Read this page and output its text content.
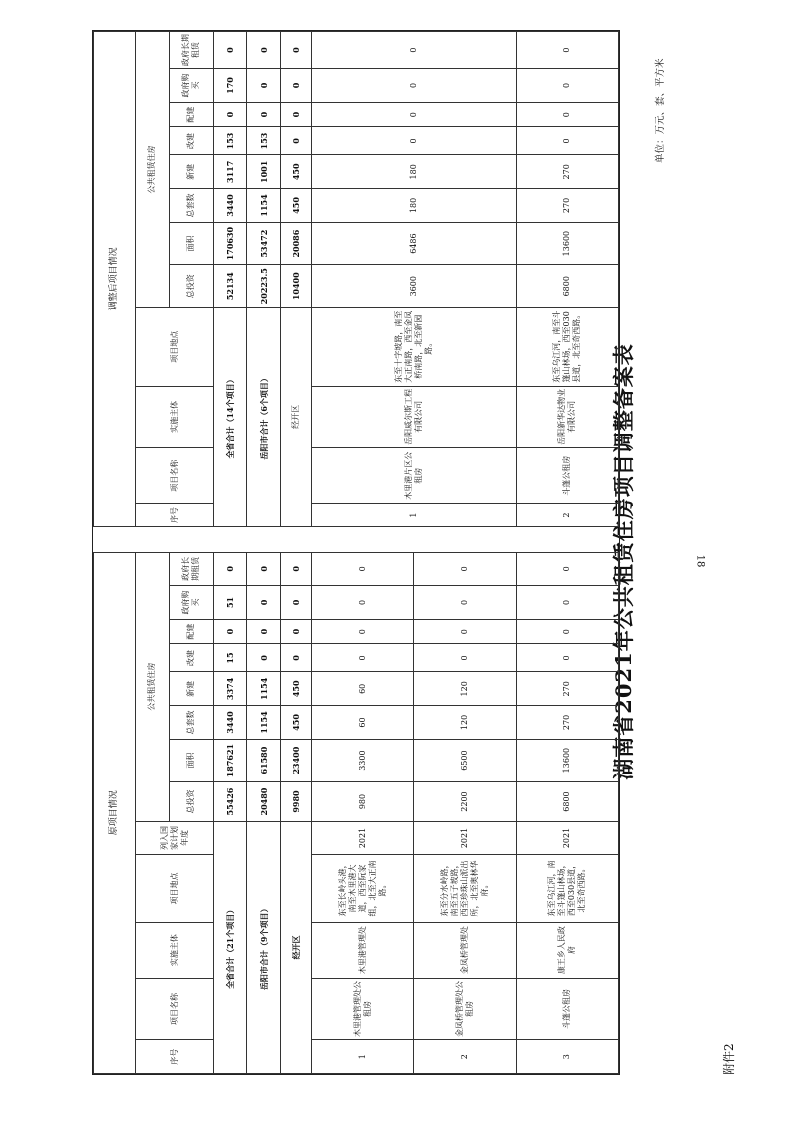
18
附件2
湖南省2021年公共租赁住房项目调整备案表
单位：万元、套、平方米
原项目情况														调整后项目情况											
序号	项目名称	实施主体	项目地点	列入国家计划年度	公共租赁住房									序号	项目名称	实施主体	项目地点	公共租赁住房							
					总投资	面积	总套数	新建	改建	配建	政府购买	政府长期租赁						总投资	面积	总套数	新建	改建	配建	政府购买	政府长期租赁
全省合计（21个项目）					55426	187621	3440	3374	15	0	51	0		全省合计（14个项目）				52134	170630	3440	3117	153	0	170	0
岳阳市合计（9个项目）					20480	61580	1154	1154	0	0	0	0		岳阳市合计（6个项目）				20223.5	53472	1154	1001	153	0	0	0
经开区					9980	23400	450	450	0	0	0	0		经开区				10400	20086	450	450	0	0	0	0
1	木里港管理处公租房	木里港管理处	东至长岭头港，南至木里港大道，西至阮家组，北至大正南路。	2021	980	3300	60	60	0	0	0	0		1	木里港片区公租房	岳阳威尔斯工程有限公司	东至十字坡路，南至大正南路，西至金凤桥南路，北至新园路。	3600	6486	180	180	0	0	0	0
2	金凤桥管理处公租房	金凤桥管理处	东至分水岭路，南至五子坡路，西至珍珠山派出所，北至奥林华府。	2021	2200	6500	120	120	0	0	0	0													
3	斗蓬公租房	康王乡人民政府	东至乌江河，南至斗篷山林场，西至030县道，北至奇西路。	2021	6800	13600	270	270	0	0	0	0		2	斗蓬公租房	岳阳新华达物业有限公司	东至乌江河，南至斗篷山林场，西至030县道，北至奇西路。	6800	13600	270	270	0	0	0	0
